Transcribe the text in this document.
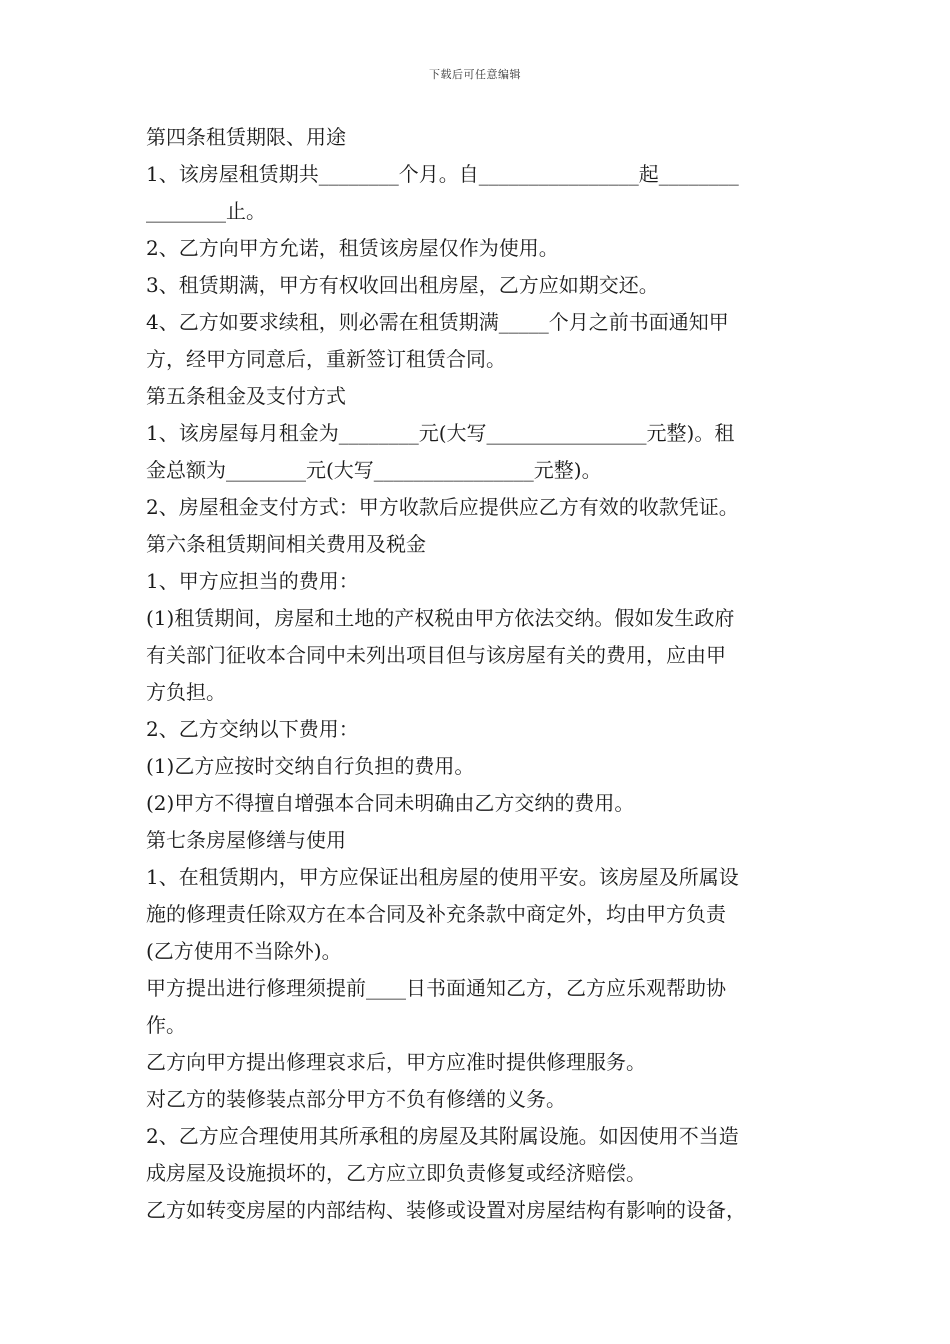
下载后可任意编辑
第四条租赁期限、用途
1、该房屋租赁期共________个月。自________________起________
________止。
2、乙方向甲方允诺，租赁该房屋仅作为使用。
3、租赁期满，甲方有权收回出租房屋，乙方应如期交还。
4、乙方如要求续租，则必需在租赁期满_____个月之前书面通知甲
方，经甲方同意后，重新签订租赁合同。
第五条租金及支付方式
1、该房屋每月租金为________元(大写________________元整)。租
金总额为________元(大写________________元整)。
2、房屋租金支付方式：甲方收款后应提供应乙方有效的收款凭证。
第六条租赁期间相关费用及税金
1、甲方应担当的费用：
(1)租赁期间，房屋和土地的产权税由甲方依法交纳。假如发生政府
有关部门征收本合同中未列出项目但与该房屋有关的费用，应由甲
方负担。
2、乙方交纳以下费用：
(1)乙方应按时交纳自行负担的费用。
(2)甲方不得擅自增强本合同未明确由乙方交纳的费用。
第七条房屋修缮与使用
1、在租赁期内，甲方应保证出租房屋的使用平安。该房屋及所属设
施的修理责任除双方在本合同及补充条款中商定外，均由甲方负责
(乙方使用不当除外)。
甲方提出进行修理须提前____日书面通知乙方，乙方应乐观帮助协
作。
乙方向甲方提出修理哀求后，甲方应准时提供修理服务。
对乙方的装修装点部分甲方不负有修缮的义务。
2、乙方应合理使用其所承租的房屋及其附属设施。如因使用不当造
成房屋及设施损坏的，乙方应立即负责修复或经济赔偿。
乙方如转变房屋的内部结构、装修或设置对房屋结构有影响的设备，
